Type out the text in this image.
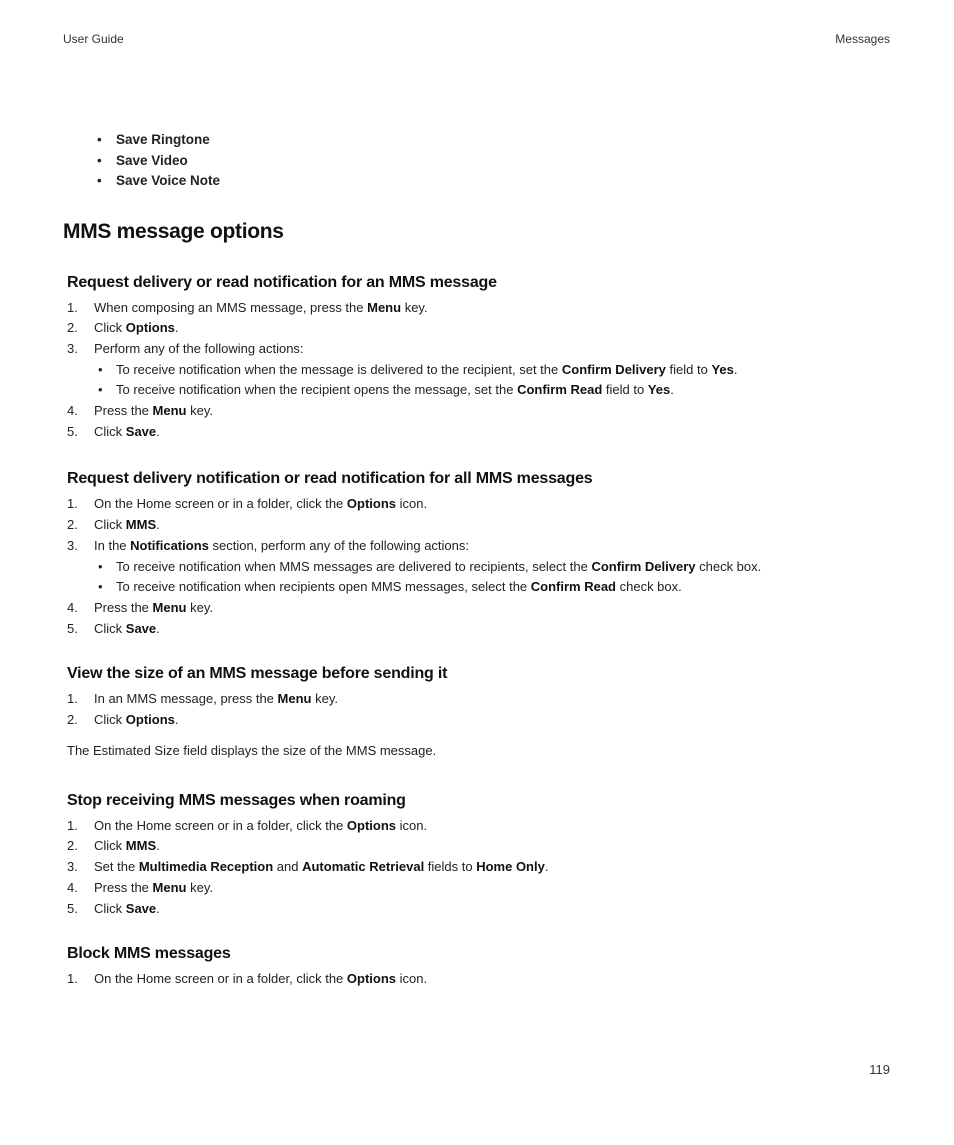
User Guide	Messages
• Save Ringtone
• Save Video
• Save Voice Note
MMS message options
Request delivery or read notification for an MMS message
1. When composing an MMS message, press the Menu key.
2. Click Options.
3. Perform any of the following actions:
• To receive notification when the message is delivered to the recipient, set the Confirm Delivery field to Yes.
• To receive notification when the recipient opens the message, set the Confirm Read field to Yes.
4. Press the Menu key.
5. Click Save.
Request delivery notification or read notification for all MMS messages
1. On the Home screen or in a folder, click the Options icon.
2. Click MMS.
3. In the Notifications section, perform any of the following actions:
• To receive notification when MMS messages are delivered to recipients, select the Confirm Delivery check box.
• To receive notification when recipients open MMS messages, select the Confirm Read check box.
4. Press the Menu key.
5. Click Save.
View the size of an MMS message before sending it
1. In an MMS message, press the Menu key.
2. Click Options.

The Estimated Size field displays the size of the MMS message.

Stop receiving MMS messages when roaming
1. On the Home screen or in a folder, click the Options icon.
2. Click MMS.
3. Set the Multimedia Reception and Automatic Retrieval fields to Home Only.
4. Press the Menu key.
5. Click Save.
Block MMS messages
1. On the Home screen or in a folder, click the Options icon.
119
